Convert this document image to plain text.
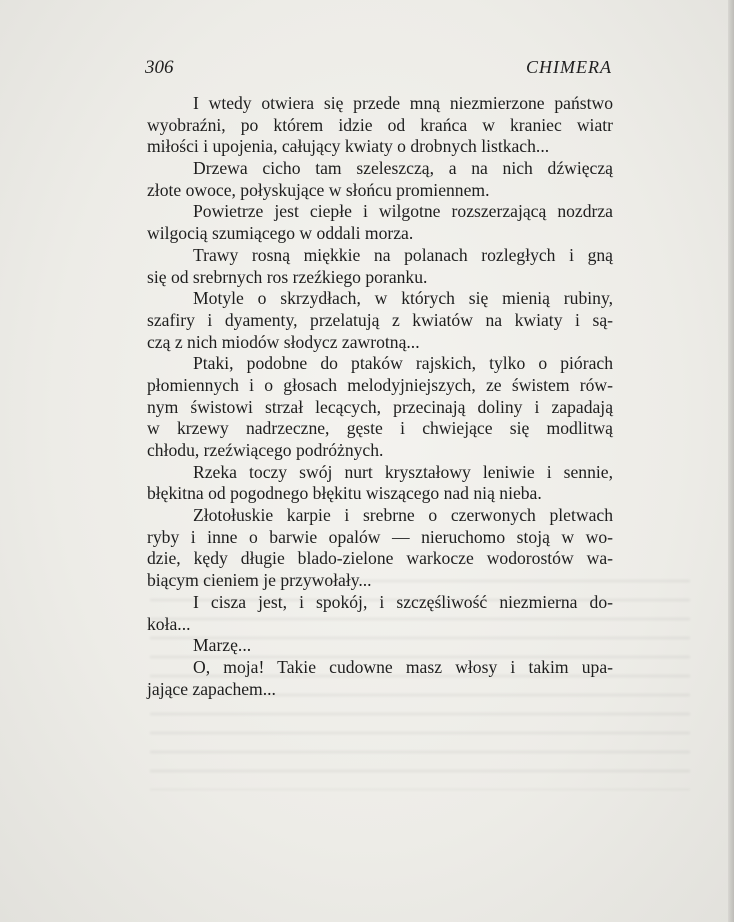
306	CHIMERA
I wtedy otwiera się przede mną niezmierzone państwo
wyobraźni, po którem idzie od krańca w kraniec wiatr
miłości i upojenia, całujący kwiaty o drobnych listkach...
Drzewa cicho tam szeleszczą, a na nich dźwięczą
złote owoce, połyskujące w słońcu promiennem.
Powietrze jest ciepłe i wilgotne rozszerzającą nozdrza
wilgocią szumiącego w oddali morza.
Trawy rosną miękkie na polanach rozległych i gną
się od srebrnych ros rzeźkiego poranku.
Motyle o skrzydłach, w których się mienią rubiny,
szafiry i dyamenty, przelatują z kwiatów na kwiaty i są-
czą z nich miodów słodycz zawrotną...
Ptaki, podobne do ptaków rajskich, tylko o piórach
płomiennych i o głosach melodyjniejszych, ze świstem rów-
nym świstowi strzał lecących, przecinają doliny i zapadają
w krzewy nadrzeczne, gęste i chwiejące się modlitwą
chłodu, rzeźwiącego podróżnych.
Rzeka toczy swój nurt kryształowy leniwie i sennie,
błękitna od pogodnego błękitu wiszącego nad nią nieba.
Złotołuskie karpie i srebrne o czerwonych pletwach
ryby i inne o barwie opalów — nieruchomo stoją w wo-
dzie, kędy długie blado-zielone warkocze wodorostów wa-
biącym cieniem je przywołały...
I cisza jest, i spokój, i szczęśliwość niezmierna do-
koła...
Marzę...
O, moja! Takie cudowne masz włosy i takim upa-
jające zapachem...
